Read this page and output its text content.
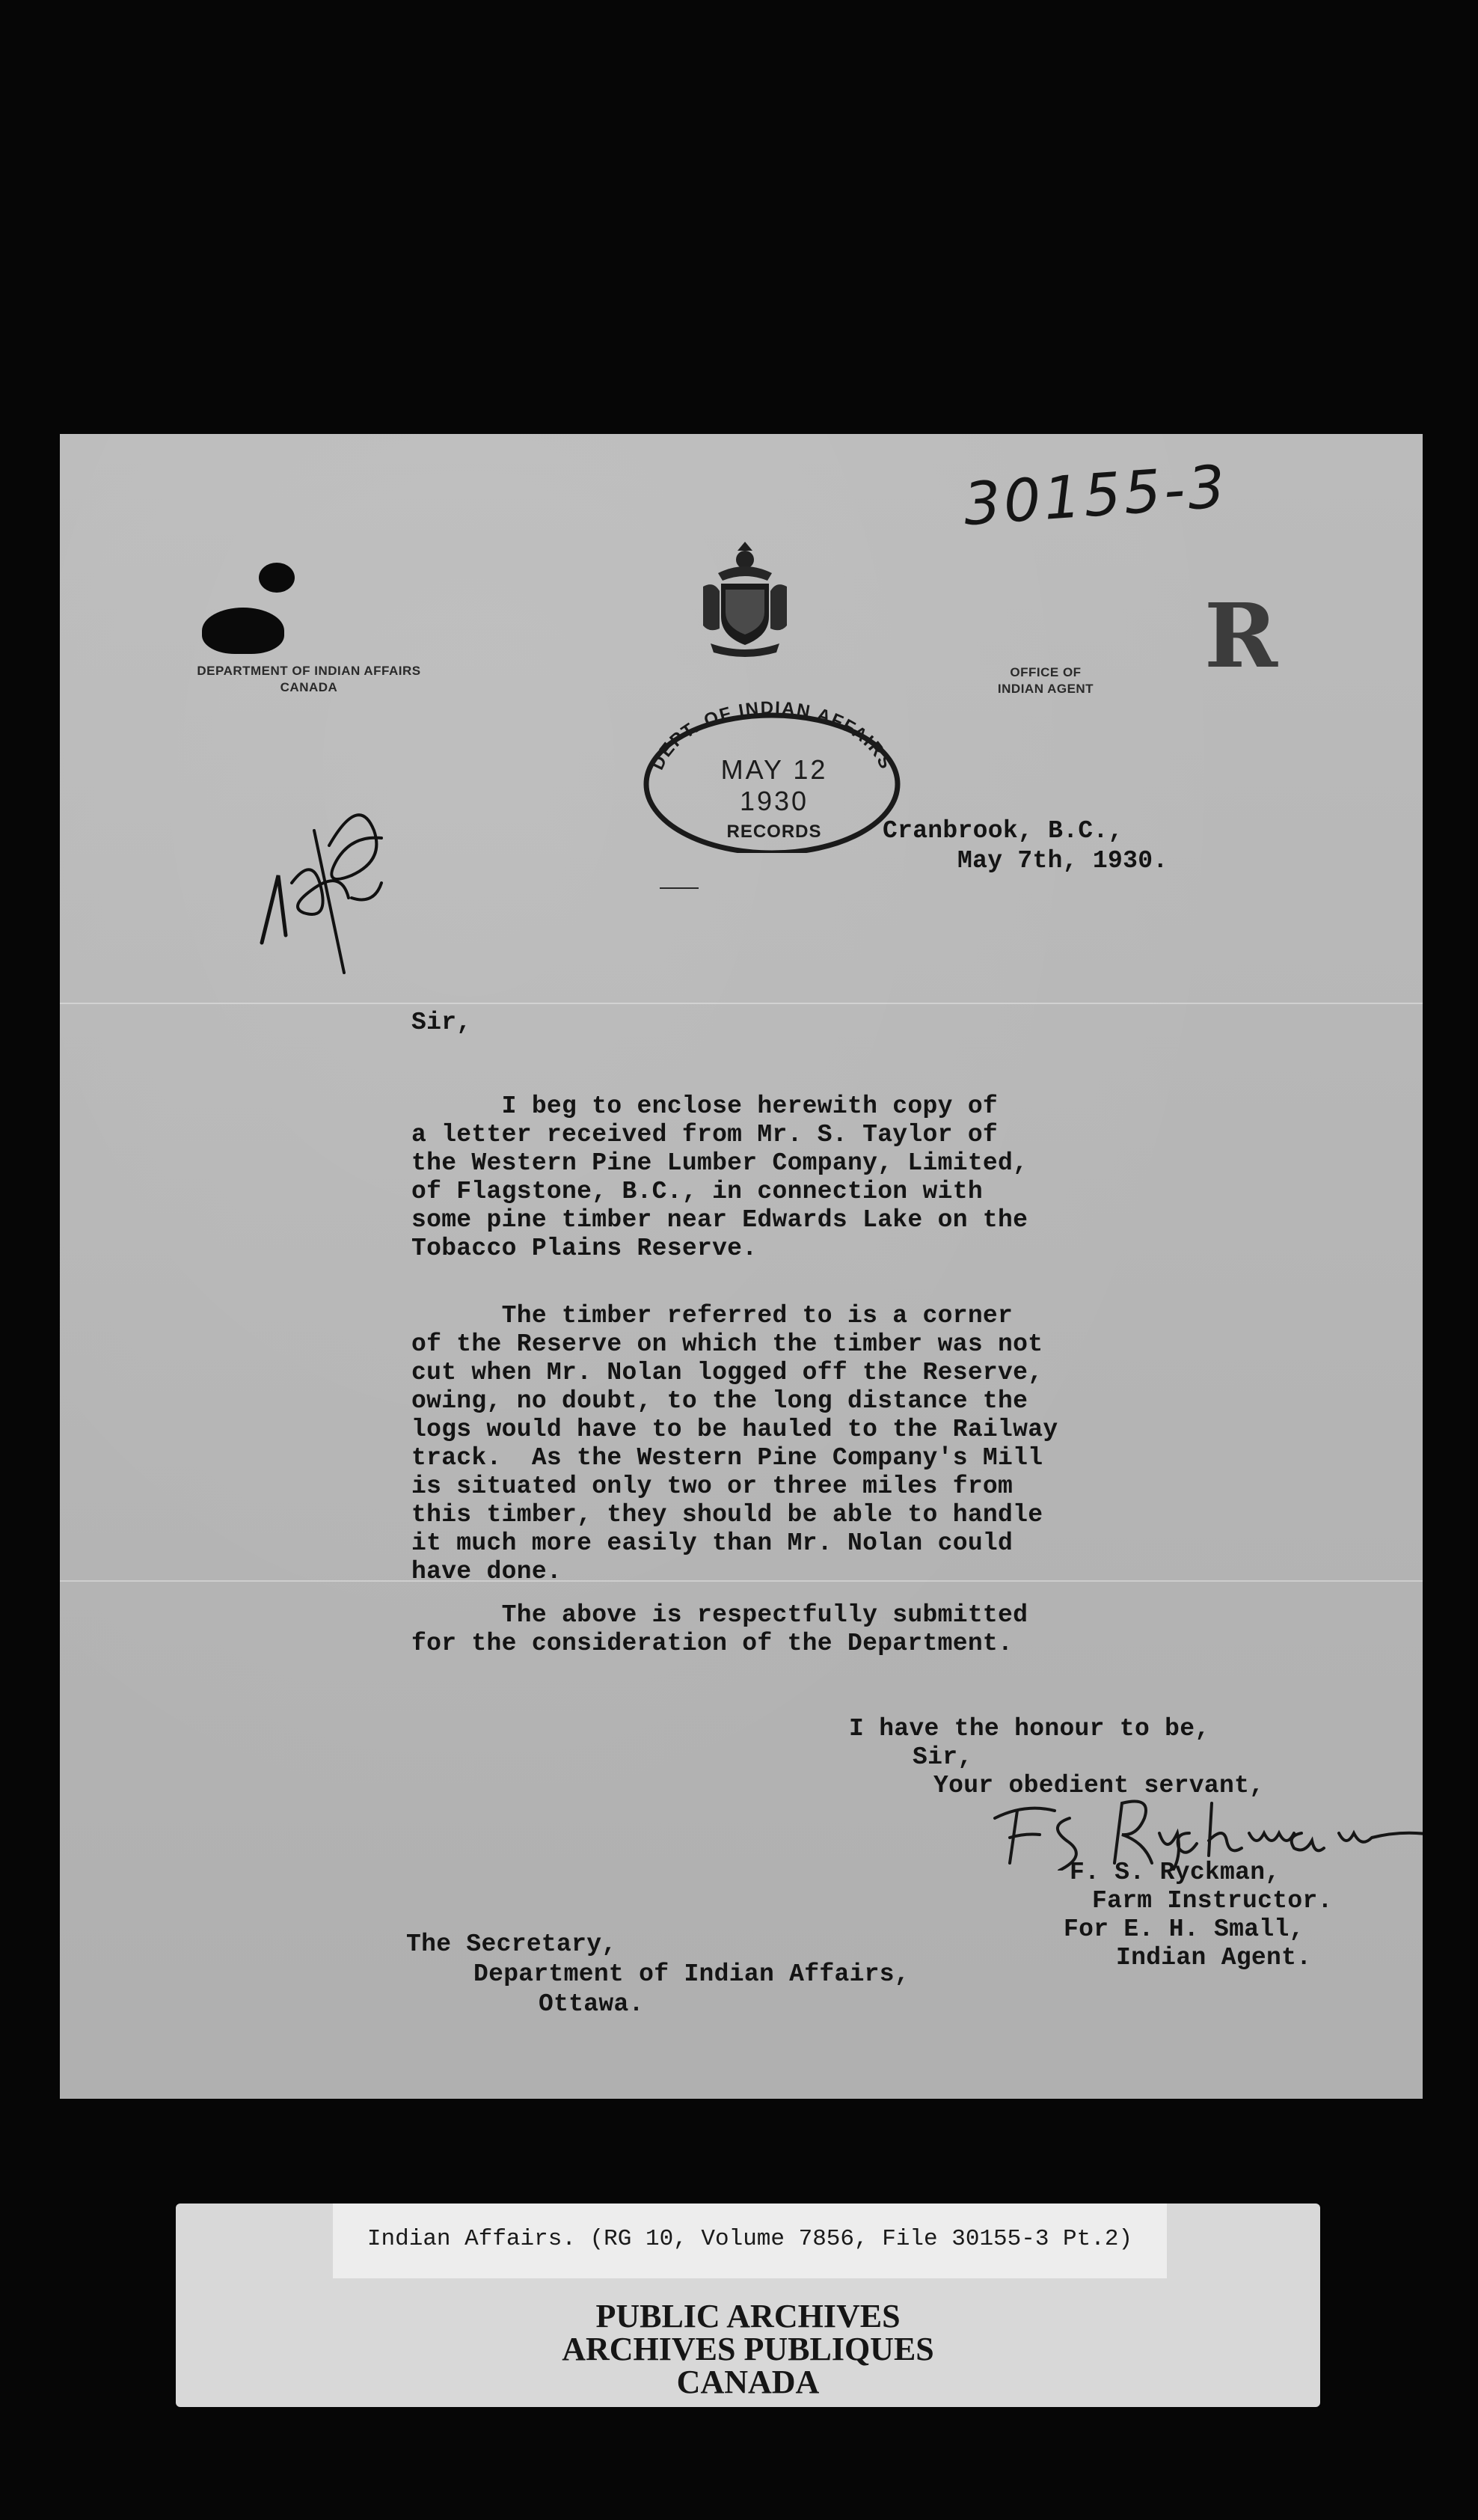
30155-3
DEPARTMENT OF INDIAN AFFAIRS
CANADA
OFFICE OF
INDIAN AGENT
R
DEPT. OF INDIAN AFFAIRS
MAY 12 1930
RECORDS	Cranbrook, B.C.,
May 7th, 1930.
Sir,
I beg to enclose herewith copy of
a letter received from Mr. S. Taylor of
the Western Pine Lumber Company, Limited,
of Flagstone, B.C., in connection with
some pine timber near Edwards Lake on the
Tobacco Plains Reserve.
The timber referred to is a corner
of the Reserve on which the timber was not
cut when Mr. Nolan logged off the Reserve,
owing, no doubt, to the long distance the
logs would have to be hauled to the Railway
track.  As the Western Pine Company's Mill
is situated only two or three miles from
this timber, they should be able to handle
it much more easily than Mr. Nolan could
have done.
The above is respectfully submitted
for the consideration of the Department.
I have the honour to be,
Sir,
Your obedient servant,
F. S. Ryckman,
Farm Instructor.
For E. H. Small,
Indian Agent.
The Secretary,
Department of Indian Affairs,
Ottawa.
Indian Affairs. (RG 10, Volume 7856, File 30155-3 Pt.2)
PUBLIC ARCHIVES
ARCHIVES PUBLIQUES
CANADA
